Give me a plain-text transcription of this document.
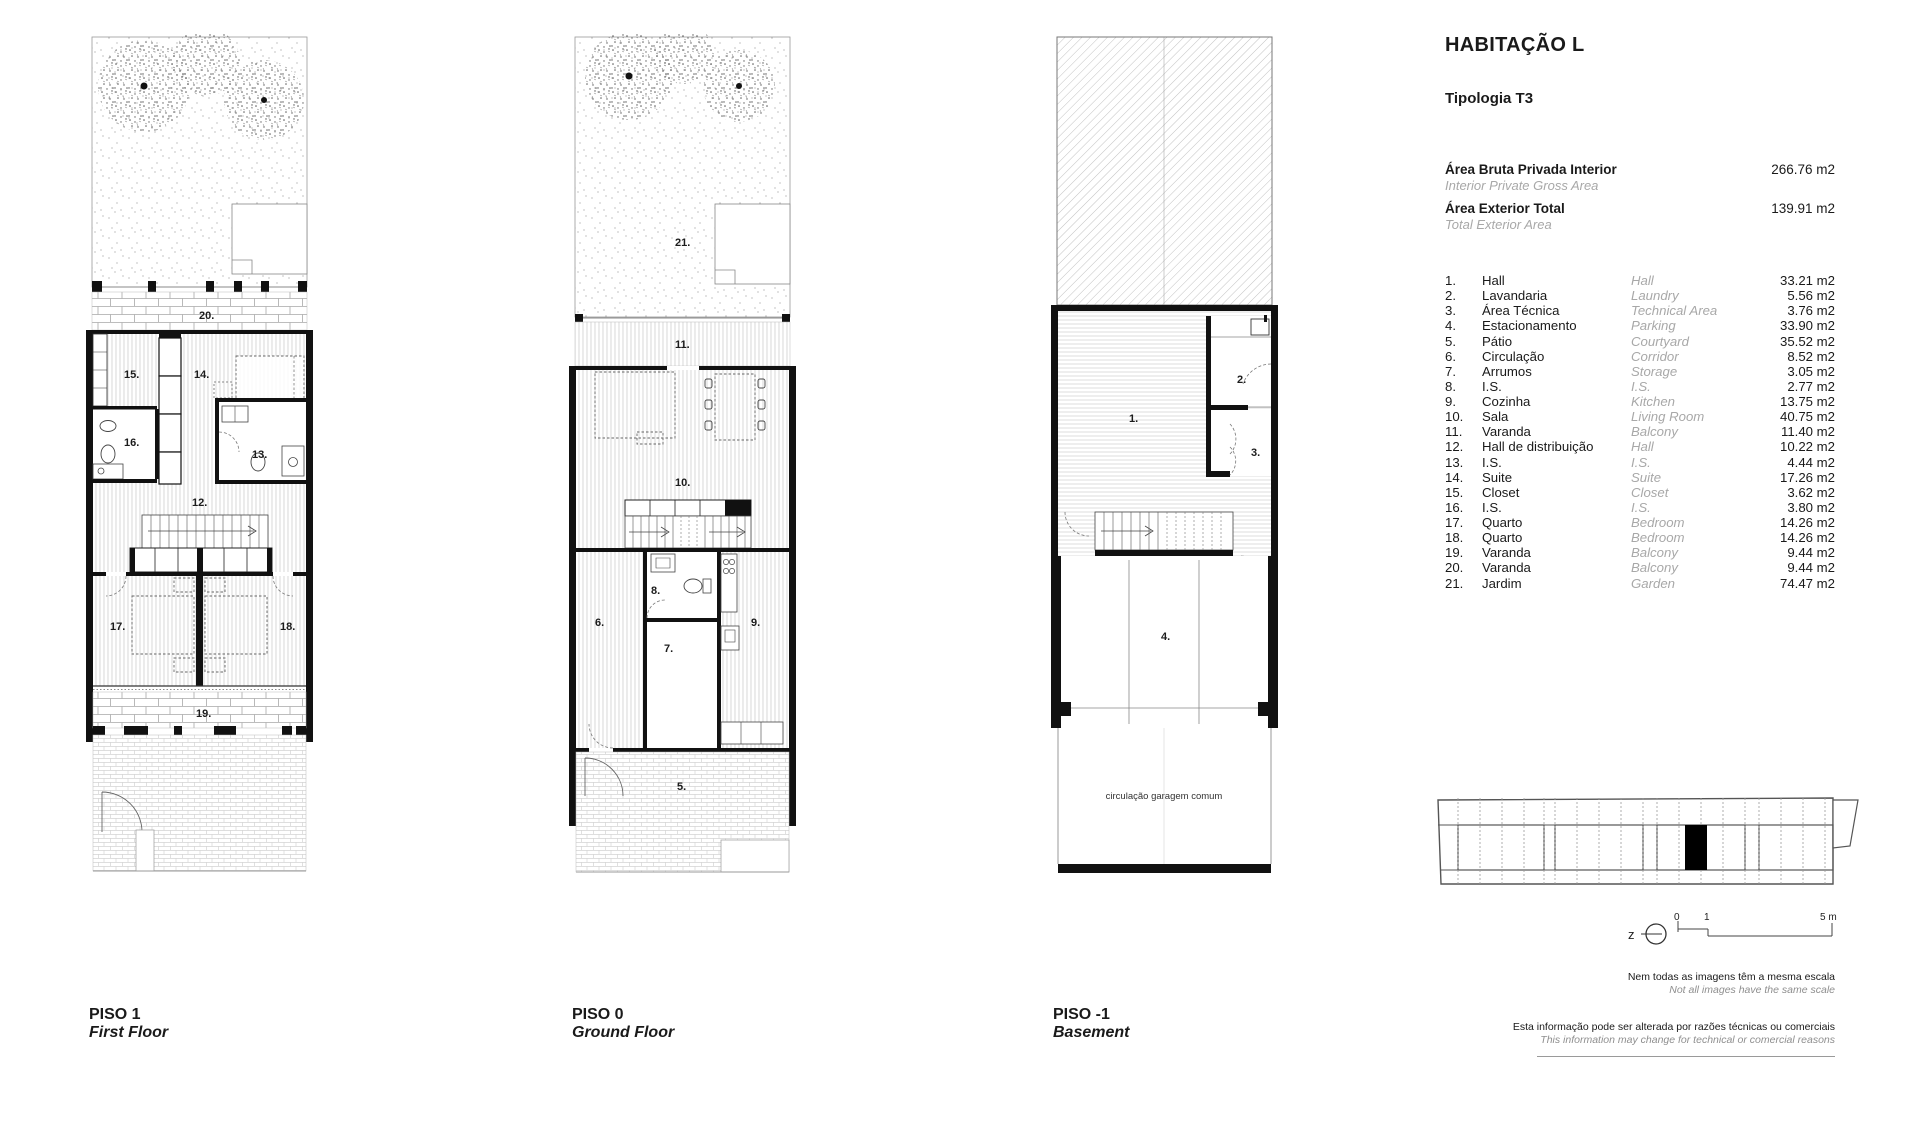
20.
15.	14.
16.
13.
12.
17.	18.
19.
21.
11.
10.
6.
8.
7.
9.
5.
1.
2.
3.
4.
circulação garagem comum
HABITAÇÃO L
Tipologia T3
Área Bruta Privada Interior
Interior Private Gross Area
266.76 m2
Área Exterior Total
Total Exterior Area
139.91 m2
1. Hall	Hall	33.21 m2
2. Lavandaria	Laundry	5.56 m2
3. Área Técnica	Technical Area	3.76 m2
4. Estacionamento	Parking	33.90 m2
5. Pátio	Courtyard	35.52 m2
6. Circulação	Corridor	8.52 m2
7. Arrumos	Storage	3.05 m2
8. I.S.	I.S.	2.77 m2
9. Cozinha	Kitchen	13.75 m2
10. Sala	Living Room	40.75 m2
11. Varanda	Balcony	11.40 m2
12. Hall de distribuição	Hall	10.22 m2
13. I.S.	I.S.	4.44 m2
14. Suite	Suite	17.26 m2
15. Closet	Closet	3.62 m2
16. I.S.	I.S.	3.80 m2
17. Quarto	Bedroom	14.26 m2
18. Quarto	Bedroom	14.26 m2
19. Varanda	Balcony	9.44 m2
20. Varanda	Balcony	9.44 m2
21. Jardim	Garden	74.47 m2
z
0 1	5 m
Nem todas as imagens têm a mesma escala
Not all images have the same scale
Esta informação pode ser alterada por razões técnicas ou comerciais
This information may change for technical or comercial reasons
PISO 1
First Floor
PISO 0
Ground Floor
PISO -1
Basement
